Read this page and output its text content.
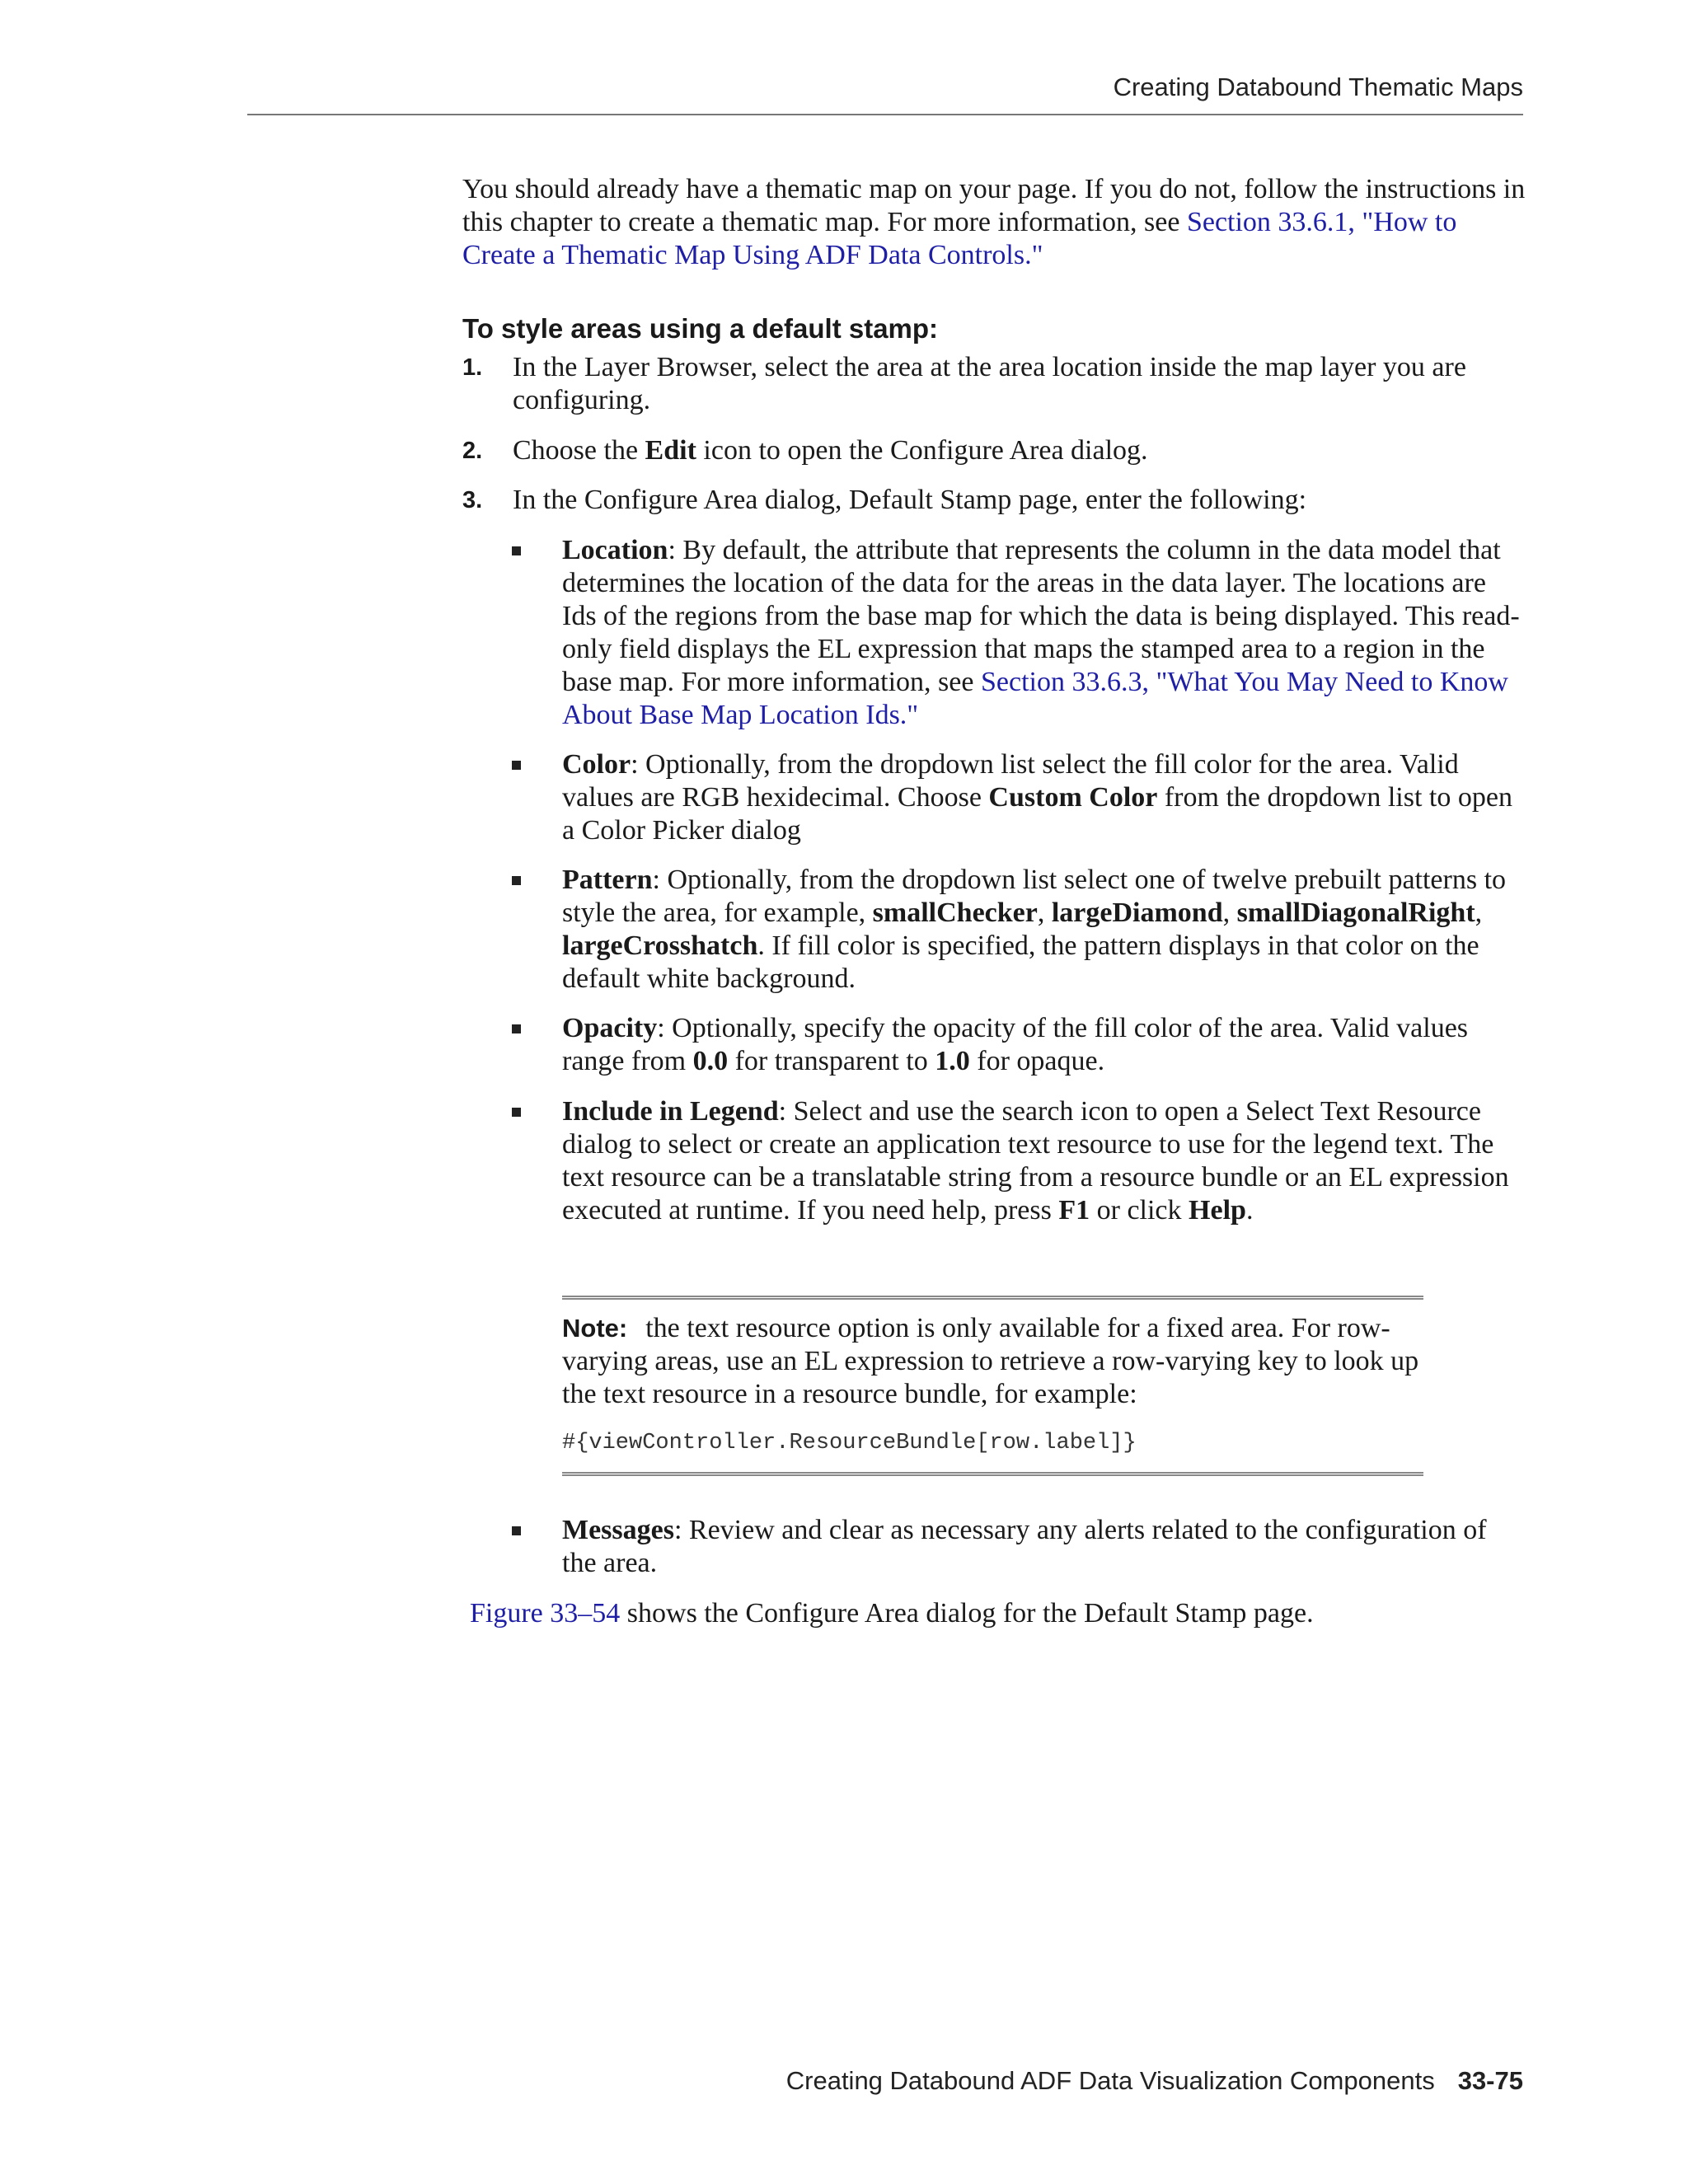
Creating Databound Thematic Maps

You should already have a thematic map on your page. If you do not, follow the instructions in this chapter to create a thematic map. For more information, see Section 33.6.1, "How to Create a Thematic Map Using ADF Data Controls."

To style areas using a default stamp:
1. In the Layer Browser, select the area at the area location inside the map layer you are configuring.
2. Choose the Edit icon to open the Configure Area dialog.
3. In the Configure Area dialog, Default Stamp page, enter the following:
Location: By default, the attribute that represents the column in the data model that determines the location of the data for the areas in the data layer. The locations are Ids of the regions from the base map for which the data is being displayed. This read-only field displays the EL expression that maps the stamped area to a region in the base map. For more information, see Section 33.6.3, "What You May Need to Know About Base Map Location Ids."
Color: Optionally, from the dropdown list select the fill color for the area. Valid values are RGB hexidecimal. Choose Custom Color from the dropdown list to open a Color Picker dialog
Pattern: Optionally, from the dropdown list select one of twelve prebuilt patterns to style the area, for example, smallChecker, largeDiamond, smallDiagonalRight, largeCrosshatch. If fill color is specified, the pattern displays in that color on the default white background.
Opacity: Optionally, specify the opacity of the fill color of the area. Valid values range from 0.0 for transparent to 1.0 for opaque.
Include in Legend: Select and use the search icon to open a Select Text Resource dialog to select or create an application text resource to use for the legend text. The text resource can be a translatable string from a resource bundle or an EL expression executed at runtime. If you need help, press F1 or click Help.

Note: the text resource option is only available for a fixed area. For row-varying areas, use an EL expression to retrieve a row-varying key to look up the text resource in a resource bundle, for example:

#{viewController.ResourceBundle[row.label]}

Messages: Review and clear as necessary any alerts related to the configuration of the area.

Figure 33–54 shows the Configure Area dialog for the Default Stamp page.

Creating Databound ADF Data Visualization Components 33-75
